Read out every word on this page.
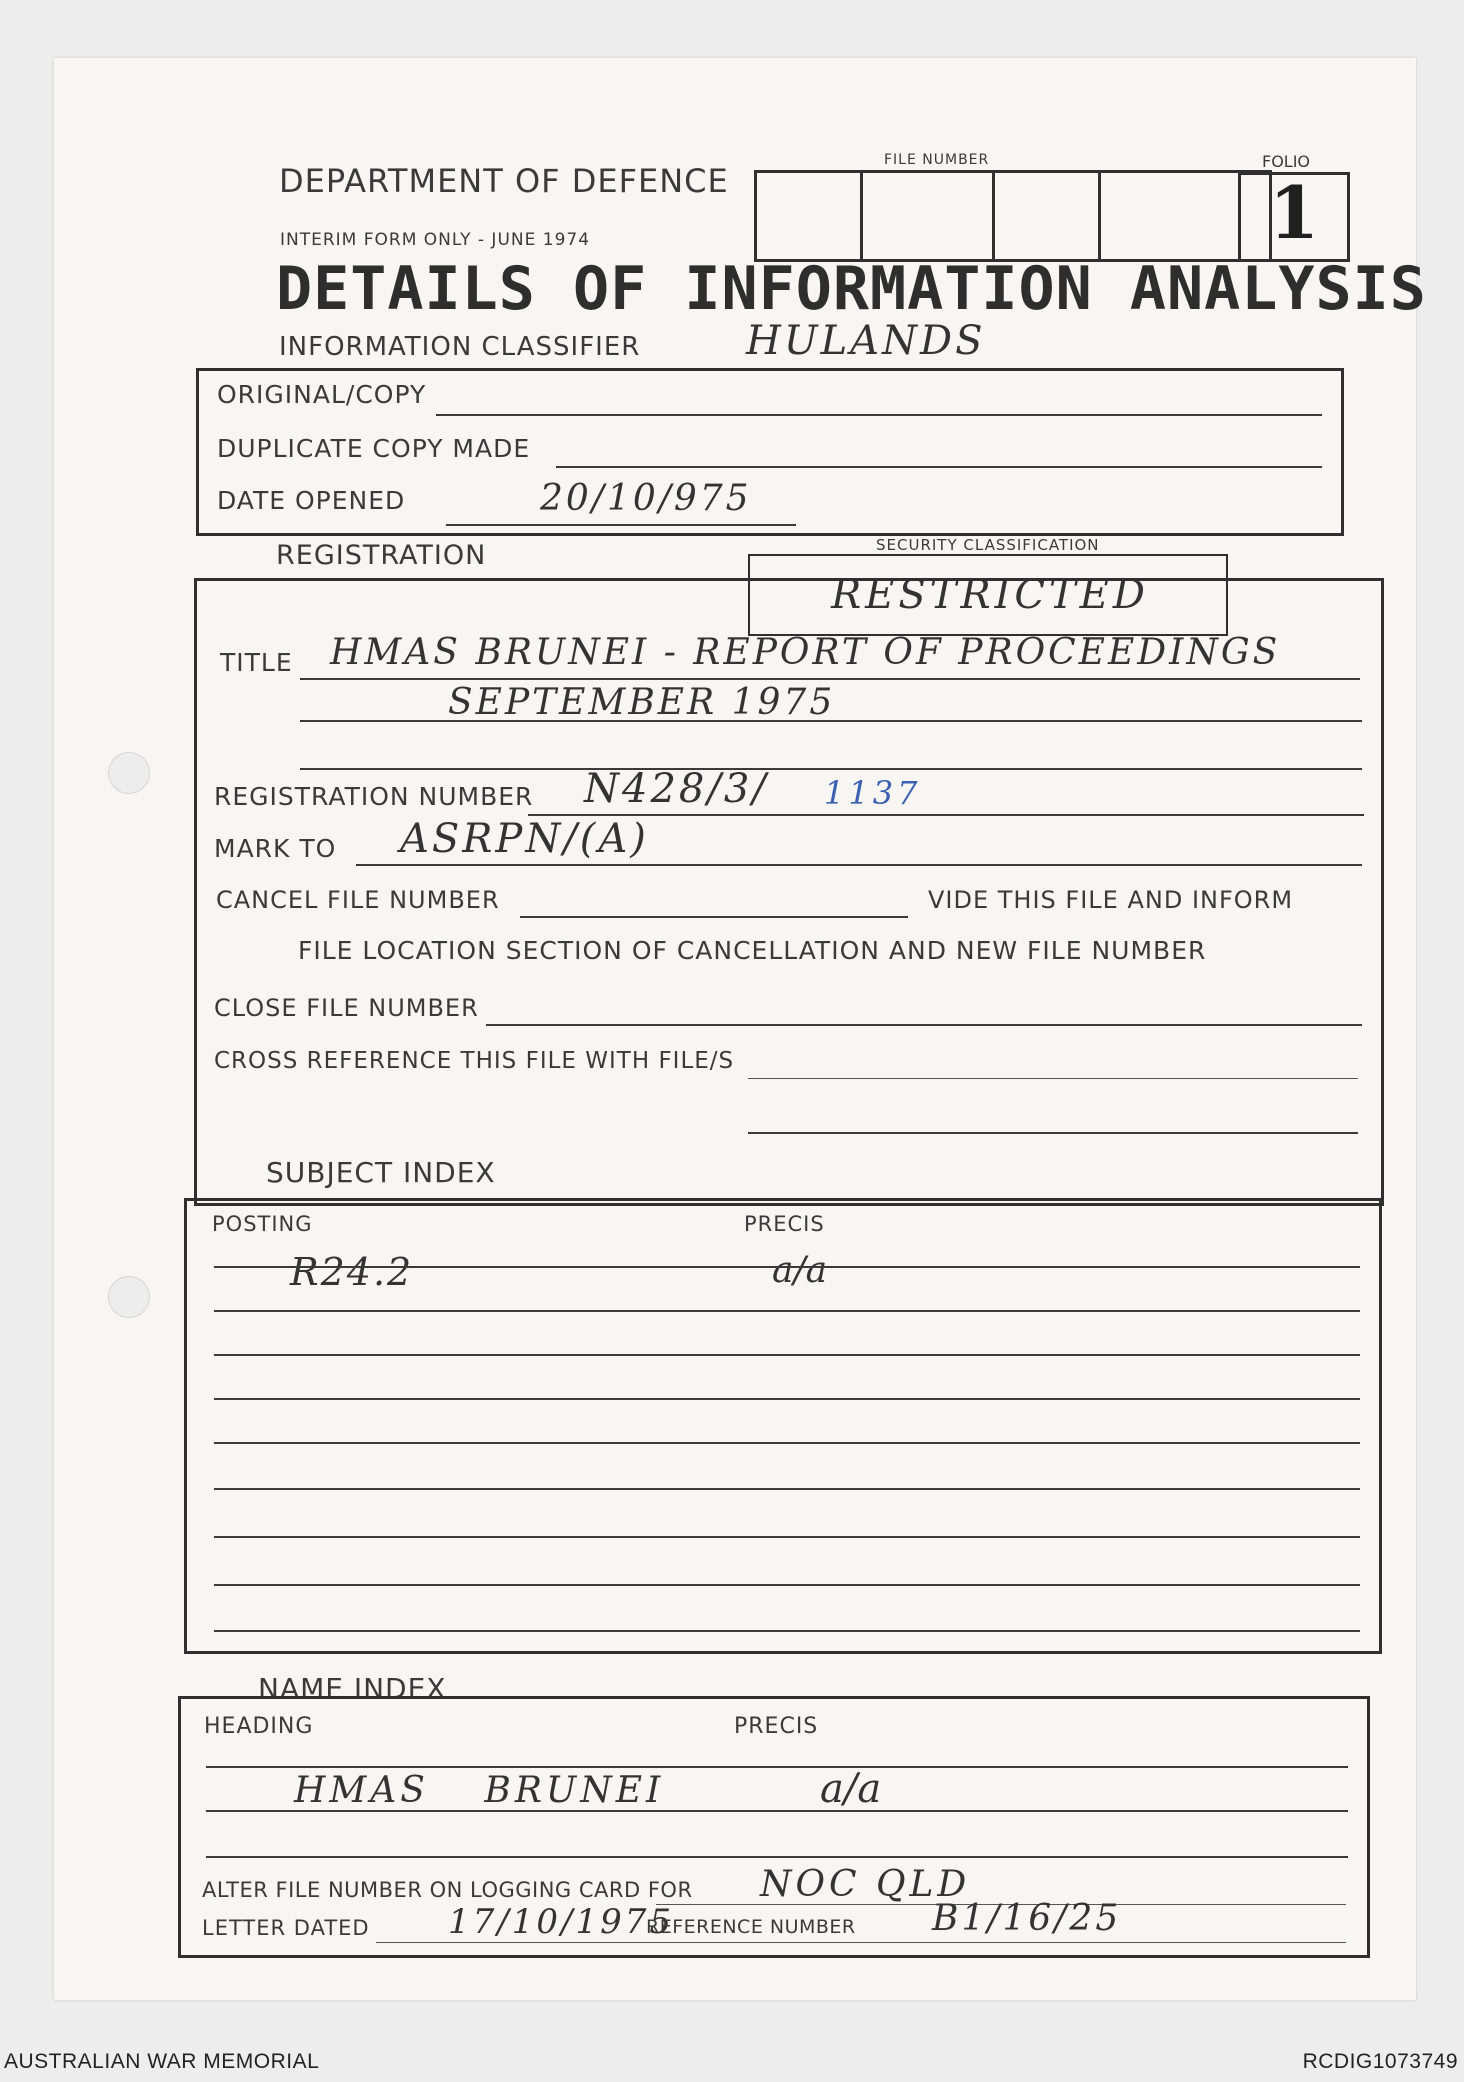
DEPARTMENT OF DEFENCE
FILE NUMBER	FOLIO
1
INTERIM FORM ONLY - JUNE 1974
DETAILS OF INFORMATION ANALYSIS
INFORMATION CLASSIFIER	HULANDS
ORIGINAL/COPY
DUPLICATE COPY MADE
DATE OPENED	20/10/975
REGISTRATION	SECURITY CLASSIFICATION
RESTRICTED
TITLE HMAS BRUNEI - REPORT OF PROCEEDINGS
SEPTEMBER 1975
REGISTRATION NUMBER N428/3/ 1137
MARK TO ASRPN/(A)
CANCEL FILE NUMBER	VIDE THIS FILE AND INFORM
FILE LOCATION SECTION OF CANCELLATION AND NEW FILE NUMBER
CLOSE FILE NUMBER
CROSS REFERENCE THIS FILE WITH FILE/S
SUBJECT INDEX
POSTING	PRECIS
R24.2	a/a
NAME INDEX
HEADING	PRECIS
HMAS BRUNEI	a/a
ALTER FILE NUMBER ON LOGGING CARD FOR NOC QLD
LETTER DATED 17/10/1975
REFERENCE NUMBER B1/16/25
AUSTRALIAN WAR MEMORIAL	RCDIG1073749
